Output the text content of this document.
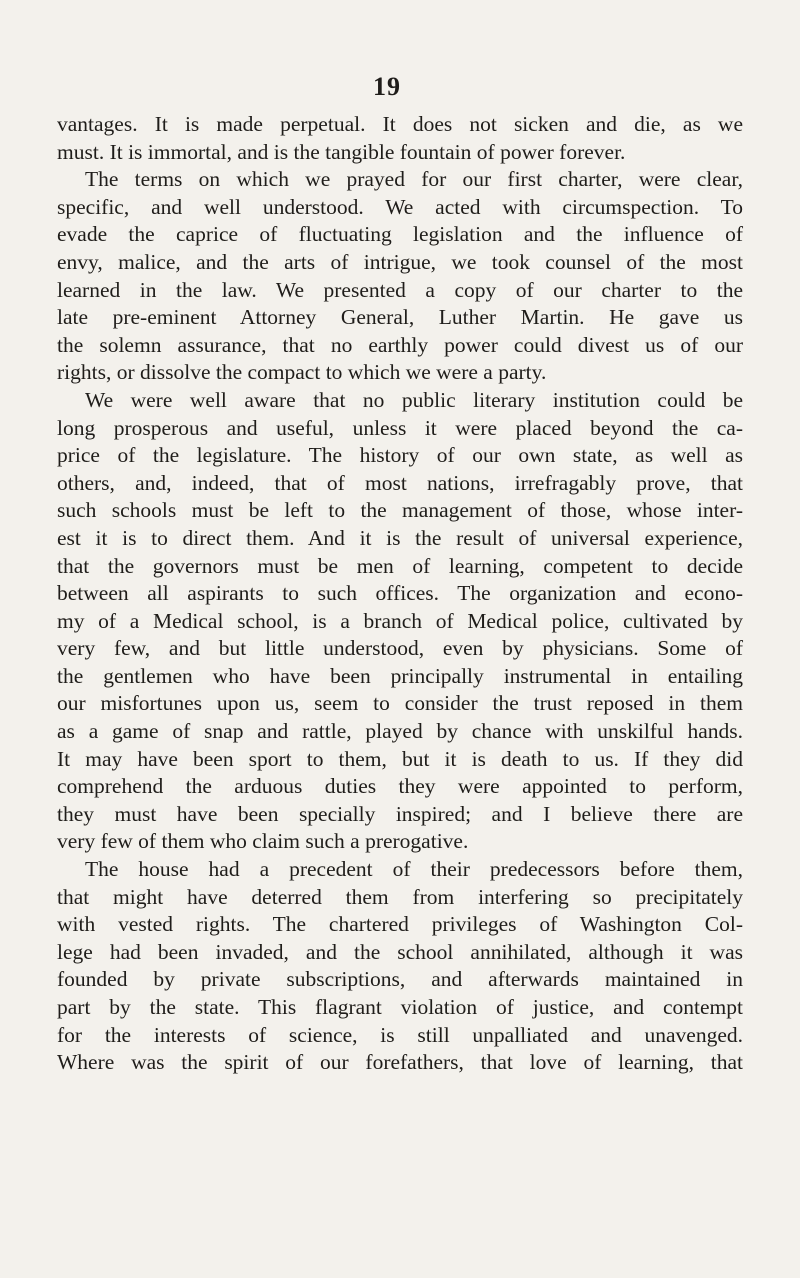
19
vantages. It is made perpetual. It does not sicken and die, as we
must. It is immortal, and is the tangible fountain of power forever.
The terms on which we prayed for our first charter, were clear,
specific, and well understood. We acted with circumspection. To
evade the caprice of fluctuating legislation and the influence of
envy, malice, and the arts of intrigue, we took counsel of the most
learned in the law. We presented a copy of our charter to the
late pre-eminent Attorney General, Luther Martin. He gave us
the solemn assurance, that no earthly power could divest us of our
rights, or dissolve the compact to which we were a party.
We were well aware that no public literary institution could be
long prosperous and useful, unless it were placed beyond the ca-
price of the legislature. The history of our own state, as well as
others, and, indeed, that of most nations, irrefragably prove, that
such schools must be left to the management of those, whose inter-
est it is to direct them. And it is the result of universal experience,
that the governors must be men of learning, competent to decide
between all aspirants to such offices. The organization and econo-
my of a Medical school, is a branch of Medical police, cultivated by
very few, and but little understood, even by physicians. Some of
the gentlemen who have been principally instrumental in entailing
our misfortunes upon us, seem to consider the trust reposed in them
as a game of snap and rattle, played by chance with unskilful hands.
It may have been sport to them, but it is death to us. If they did
comprehend the arduous duties they were appointed to perform,
they must have been specially inspired; and I believe there are
very few of them who claim such a prerogative.
The house had a precedent of their predecessors before them,
that might have deterred them from interfering so precipitately
with vested rights. The chartered privileges of Washington Col-
lege had been invaded, and the school annihilated, although it was
founded by private subscriptions, and afterwards maintained in
part by the state. This flagrant violation of justice, and contempt
for the interests of science, is still unpalliated and unavenged.
Where was the spirit of our forefathers, that love of learning, that
